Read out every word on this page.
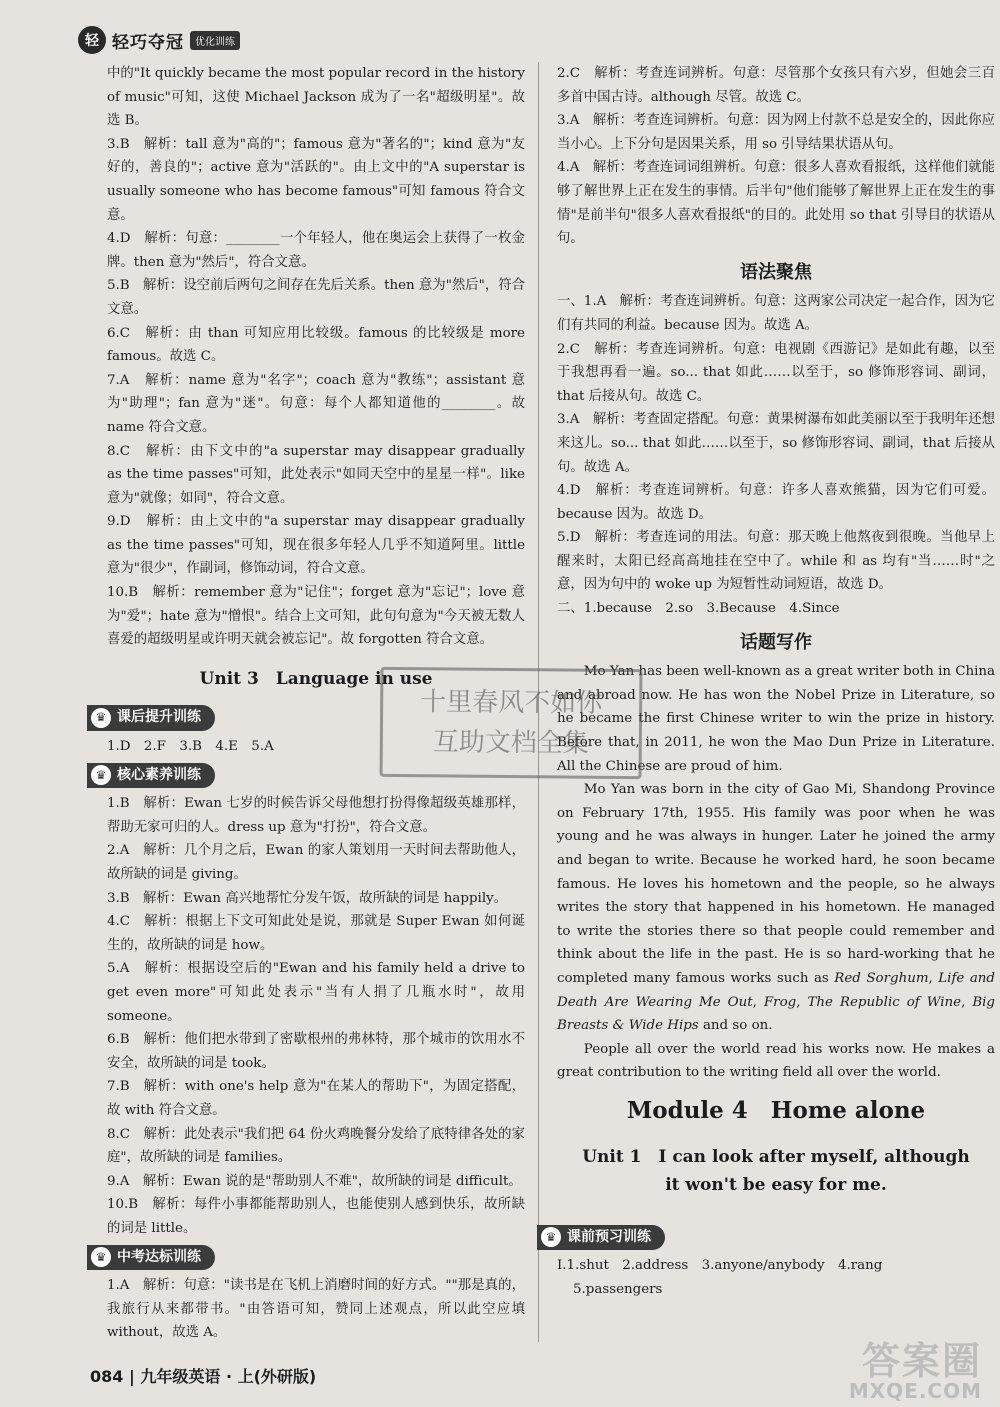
轻 轻巧夺冠	优化训练

中的"It quickly became the most popular record in the history of music"可知，这使 Michael Jackson 成为了一名"超级明星"。故选 B。

3.B　解析：tall 意为"高的"；famous 意为"著名的"；kind 意为"友好的，善良的"；active 意为"活跃的"。由上文中的"A superstar is usually someone who has become famous"可知 famous 符合文意。

4.D　解析：句意：________一个年轻人，他在奥运会上获得了一枚金牌。then 意为"然后"，符合文意。

5.B　解析：设空前后两句之间存在先后关系。then 意为"然后"，符合文意。

6.C　解析：由 than 可知应用比较级。famous 的比较级是 more famous。故选 C。

7.A　解析：name 意为"名字"；coach 意为"教练"；assistant 意为"助理"；fan 意为"迷"。句意：每个人都知道他的________。故 name 符合文意。

8.C　解析：由下文中的"a superstar may disappear gradually as the time passes"可知，此处表示"如同天空中的星星一样"。like 意为"就像；如同"，符合文意。

9.D　解析：由上文中的"a superstar may disappear gradually as the time passes"可知，现在很多年轻人几乎不知道阿里。little 意为"很少"，作副词，修饰动词，符合文意。

10.B　解析：remember 意为"记住"；forget 意为"忘记"；love 意为"爱"；hate 意为"憎恨"。结合上文可知，此句句意为"今天被无数人喜爱的超级明星或许明天就会被忘记"。故 forgotten 符合文意。

Unit 3　Language in use
♛ 课后提升训练

1.D　2.F　3.B　4.E　5.A

♛ 核心素养训练

1.B　解析：Ewan 七岁的时候告诉父母他想打扮得像超级英雄那样，帮助无家可归的人。dress up 意为"打扮"，符合文意。

2.A　解析：几个月之后，Ewan 的家人策划用一天时间去帮助他人，故所缺的词是 giving。

3.B　解析：Ewan 高兴地帮忙分发午饭，故所缺的词是 happily。

4.C　解析：根据上下文可知此处是说，那就是 Super Ewan 如何诞生的，故所缺的词是 how。

5.A　解析：根据设空后的"Ewan and his family held a drive to get even more"可知此处表示"当有人捐了几瓶水时"，故用 someone。

6.B　解析：他们把水带到了密歇根州的弗林特，那个城市的饮用水不安全，故所缺的词是 took。

7.B　解析：with one's help 意为"在某人的帮助下"，为固定搭配，故 with 符合文意。

8.C　解析：此处表示"我们把 64 份火鸡晚餐分发给了底特律各处的家庭"，故所缺的词是 families。

9.A　解析：Ewan 说的是"帮助别人不难"，故所缺的词是 difficult。

10.B　解析：每件小事都能帮助别人，也能使别人感到快乐，故所缺的词是 little。

♛ 中考达标训练

1.A　解析：句意："读书是在飞机上消磨时间的好方式。""那是真的，我旅行从来都带书。"由答语可知，赞同上述观点，所以此空应填 without，故选 A。

2.C　解析：考查连词辨析。句意：尽管那个女孩只有六岁，但她会三百多首中国古诗。although 尽管。故选 C。

3.A　解析：考查连词辨析。句意：因为网上付款不总是安全的，因此你应当小心。上下分句是因果关系，用 so 引导结果状语从句。

4.A　解析：考查连词词组辨析。句意：很多人喜欢看报纸，这样他们就能够了解世界上正在发生的事情。后半句"他们能够了解世界上正在发生的事情"是前半句"很多人喜欢看报纸"的目的。此处用 so that 引导目的状语从句。

语法聚焦

一、1.A　解析：考查连词辨析。句意：这两家公司决定一起合作，因为它们有共同的利益。because 因为。故选 A。

2.C　解析：考查连词辨析。句意：电视剧《西游记》是如此有趣，以至于我想再看一遍。so... that 如此……以至于，so 修饰形容词、副词，that 后接从句。故选 C。

3.A　解析：考查固定搭配。句意：黄果树瀑布如此美丽以至于我明年还想来这儿。so... that 如此……以至于，so 修饰形容词、副词，that 后接从句。故选 A。

4.D　解析：考查连词辨析。句意：许多人喜欢熊猫，因为它们可爱。because 因为。故选 D。

5.D　解析：考查连词的用法。句意：那天晚上他熬夜到很晚。当他早上醒来时，太阳已经高高地挂在空中了。while 和 as 均有"当……时"之意，因为句中的 woke up 为短暂性动词短语，故选 D。

二、1.because　2.so　3.Because　4.Since

话题写作

Mo Yan has been well-known as a great writer both in China and abroad now. He has won the Nobel Prize in Literature, so he became the first Chinese writer to win the prize in history. Before that, in 2011, he won the Mao Dun Prize in Literature. All the Chinese are proud of him.

Mo Yan was born in the city of Gao Mi, Shandong Province on February 17th, 1955. His family was poor when he was young and he was always in hunger. Later he joined the army and began to write. Because he worked hard, he soon became famous. He loves his hometown and the people, so he always writes the story that happened in his hometown. He managed to write the stories there so that people could remember and think about the life in the past. He is so hard-working that he completed many famous works such as Red Sorghum, Life and Death Are Wearing Me Out, Frog, The Republic of Wine, Big Breasts & Wide Hips and so on.

People all over the world read his works now. He makes a great contribution to the writing field all over the world.

Module 4　Home alone
Unit 1　I can look after myself, although
it won't be easy for me.
♛ 课前预习训练

Ⅰ.1.shut　2.address　3.anyone/anybody　4.rang

5.passengers

十里春风不如你
互助文档全集
084 | 九年级英语 · 上(外研版)	答案圈
MXQE.COM
